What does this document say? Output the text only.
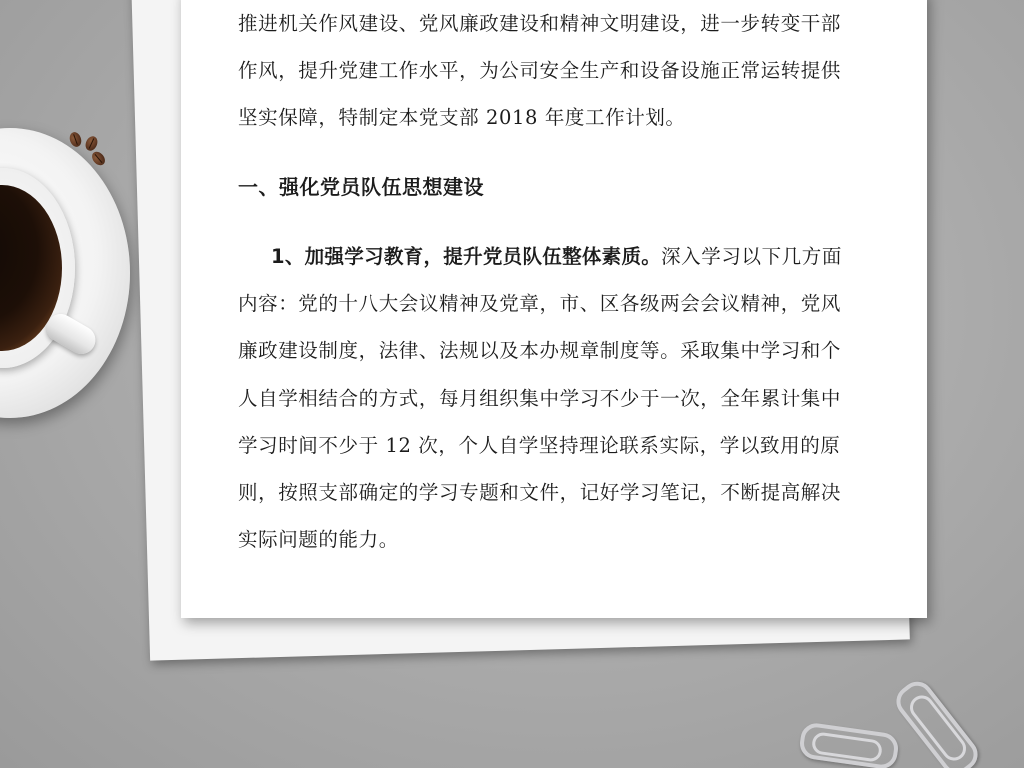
推进机关作风建设、党风廉政建设和精神文明建设，进一步转变干部
作风，提升党建工作水平，为公司安全生产和设备设施正常运转提供
坚实保障，特制定本党支部 2018 年度工作计划。
一、强化党员队伍思想建设
1、加强学习教育，提升党员队伍整体素质。深入学习以下几方面
内容：党的十八大会议精神及党章，市、区各级两会会议精神，党风
廉政建设制度，法律、法规以及本办规章制度等。采取集中学习和个
人自学相结合的方式，每月组织集中学习不少于一次，全年累计集中
学习时间不少于 12 次，个人自学坚持理论联系实际，学以致用的原
则，按照支部确定的学习专题和文件，记好学习笔记，不断提高解决
实际问题的能力。
